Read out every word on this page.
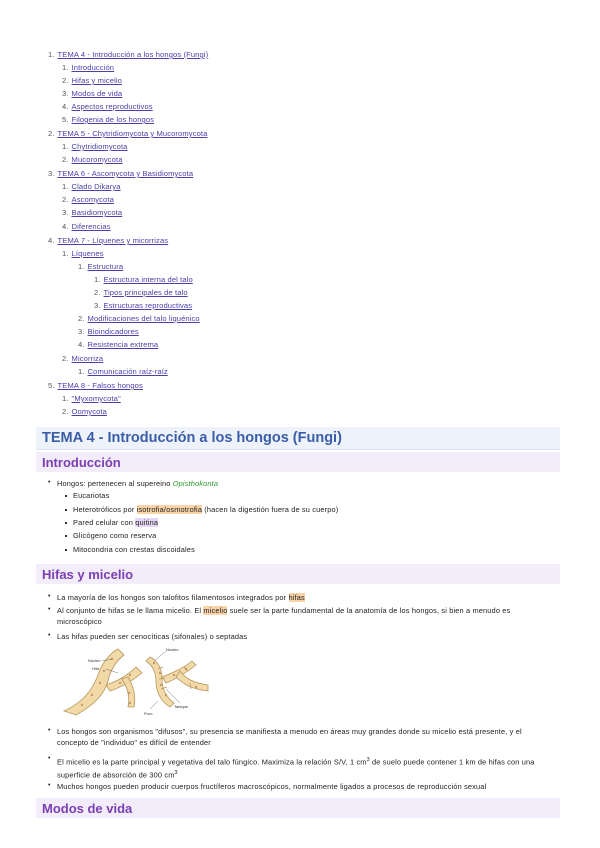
1. TEMA 4 - Introducción a los hongos (Fungi)
1. Introducción
2. Hifas y micelio
3. Modos de vida
4. Aspectos reproductivos
5. Filogenia de los hongos
2. TEMA 5 - Chytridiomycota y Mucoromycota
1. Chytridiomycota
2. Mucoromycota
3. TEMA 6 - Ascomycota y Basidiomycota
1. Clado Dikarya
2. Ascomycota
3. Basidiomycota
4. Diferencias
4. TEMA 7 - Líquenes y micorrizas
1. Líquenes
1. Estructura
1. Estructura interna del talo
2. Tipos principales de talo
3. Estructuras reproductivas
2. Modificaciones del talo liquénico
3. Bioindicadores
4. Resistencia extrema
2. Micorriza
1. Comunicación raíz-raíz
5. TEMA 8 - Falsos hongos
1. "Myxomycota"
2. Oomycota
TEMA 4 - Introducción a los hongos (Fungi)
Introducción
• Hongos: pertenecen al supereino Opisthokonta
Eucariotas
Heterotróficos por isotrofia/osmotrofia (hacen la digestión fuera de su cuerpo)
Pared celular con quitina
Glicógeno como reserva
Mitocondria con crestas discoidales
Hifas y micelio
• La mayoría de los hongos son talofitos filamentosos integrados por hifas
• Al conjunto de hifas se le llama micelio. El micelio suele ser la parte fundamental de la anatomía de los hongos, si bien a menudo es
microscópico
• Las hifas pueden ser cenocíticas (sifonales) o septadas
Núcleo
Hifa
Núcleo
Tabique
Poro
• Los hongos son organismos "difusos", su presencia se manifiesta a menudo en áreas muy grandes donde su micelio está presente, y el
concepto de "individuo" es difícil de entender
• El micelio es la parte principal y vegetativa del talo fúngico. Maximiza la relación S/V, 1 $cm^3$ de suelo puede contener 1 km de hifas con una
superficie de absorción de 300 $cm^3$
• Muchos hongos pueden producir cuerpos fructíferos macroscópicos, normalmente ligados a procesos de reproducción sexual
Modos de vida
